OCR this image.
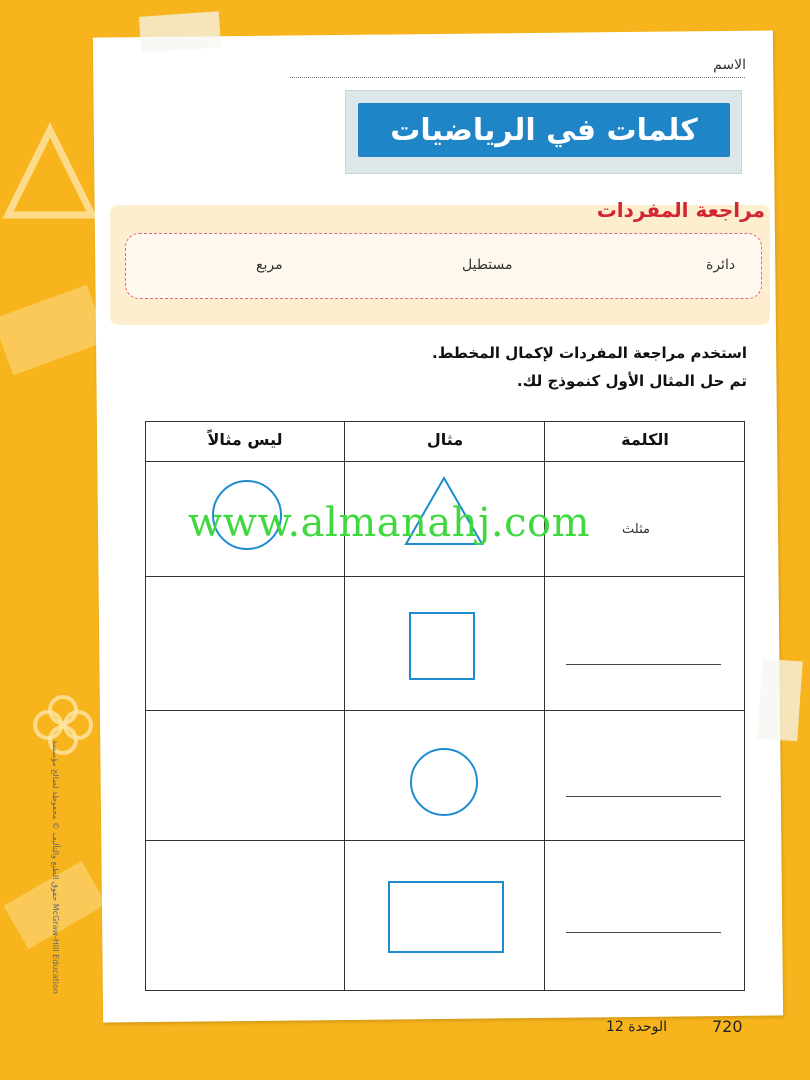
الاسم
كلمات في الرياضيات
مراجعة المفردات
دائرة
مستطيل
مربع
استخدم مراجعة المفردات لإكمال المخطط.
تم حل المثال الأول كنموذج لك.
الكلمة
مثال
ليس مثالاً
مثلث
www.almanahj.com
حقوق الطبع والتأليف © محفوظة لصالح مؤسسة McGraw-Hill Education
الوحدة 12	720
